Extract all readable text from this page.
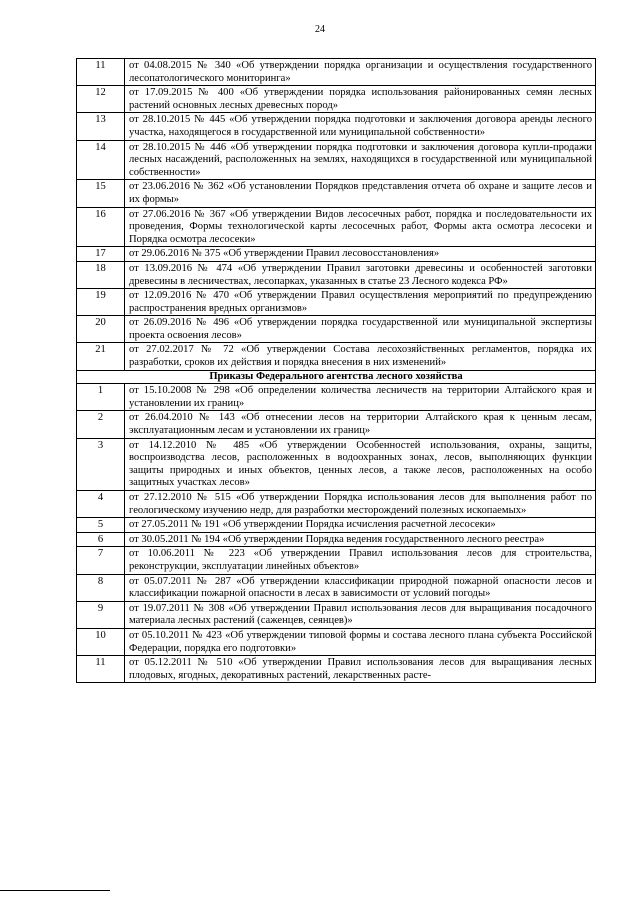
24
11	от 04.08.2015 № 340 «Об утверждении порядка организации и осуществления государственного лесопатологического мониторинга»
12	от 17.09.2015 № 400 «Об утверждении порядка использования районированных семян лесных растений основных лесных древесных пород»
13	от 28.10.2015 № 445 «Об утверждении порядка подготовки и заключения договора аренды лесного участка, находящегося в государственной или муниципальной собственности»
14	от 28.10.2015 № 446 «Об утверждении порядка подготовки и заключения договора купли-продажи лесных насаждений, расположенных на землях, находящихся в государственной или муниципальной собственности»
15	от 23.06.2016 № 362 «Об установлении Порядков представления отчета об охране и защите лесов и их формы»
16	от 27.06.2016 № 367 «Об утверждении Видов лесосечных работ, порядка и последовательности их проведения, Формы технологической карты лесосечных работ, Формы акта осмотра лесосеки и Порядка осмотра лесосеки»
17	от 29.06.2016 № 375 «Об утверждении Правил лесовосстановления»
18	от 13.09.2016 № 474 «Об утверждении Правил заготовки древесины и особенностей заготовки древесины в лесничествах, лесопарках, указанных в статье 23 Лесного кодекса РФ»
19	от 12.09.2016 № 470 «Об утверждении Правил осуществления мероприятий по предупреждению распространения вредных организмов»
20	от 26.09.2016 № 496 «Об утверждении порядка государственной или муниципальной экспертизы проекта освоения лесов»
21	от 27.02.2017 № 72 «Об утверждении Состава лесохозяйственных регламентов, порядка их разработки, сроков их действия и порядка внесения в них изменений»
Приказы Федерального агентства лесного хозяйства	
1	от 15.10.2008 № 298 «Об определении количества лесничеств на территории Алтайского края и установлении их границ»
2	от 26.04.2010 № 143 «Об отнесении лесов на территории Алтайского края к ценным лесам, эксплуатационным лесам и установлении их границ»
3	от 14.12.2010 № 485 «Об утверждении Особенностей использования, охраны, защиты, воспроизводства лесов, расположенных в водоохранных зонах, лесов, выполняющих функции защиты природных и иных объектов, ценных лесов, а также лесов, расположенных на особо защитных участках лесов»
4	от 27.12.2010 № 515 «Об утверждении Порядка использования лесов для выполнения работ по геологическому изучению недр, для разработки месторождений полезных ископаемых»
5	от 27.05.2011 № 191 «Об утверждении Порядка исчисления расчетной лесосеки»
6	от 30.05.2011 № 194 «Об утверждении Порядка ведения государственного лесного реестра»
7	от 10.06.2011 № 223 «Об утверждении Правил использования лесов для строительства, реконструкции, эксплуатации линейных объектов»
8	от 05.07.2011 № 287 «Об утверждении классификации природной пожарной опасности лесов и классификации пожарной опасности в лесах в зависимости от условий погоды»
9	от 19.07.2011 № 308 «Об утверждении Правил использования лесов для выращивания посадочного материала лесных растений (саженцев, сеянцев)»
10	от 05.10.2011 № 423 «Об утверждении типовой формы и состава лесного плана субъекта Российской Федерации, порядка его подготовки»
11	от 05.12.2011 № 510 «Об утверждении Правил использования лесов для выращивания лесных плодовых, ягодных, декоративных растений, лекарственных расте-
